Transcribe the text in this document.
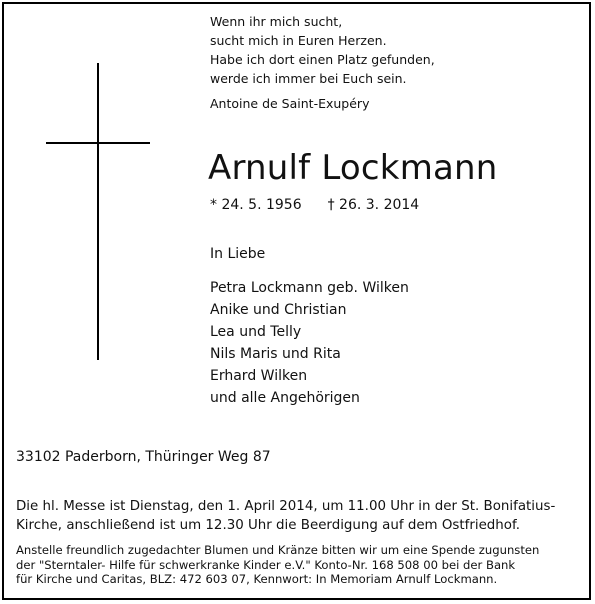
Wenn ihr mich sucht,
sucht mich in Euren Herzen.
Habe ich dort einen Platz gefunden,
werde ich immer bei Euch sein.
Antoine de Saint-Exupéry
Arnulf Lockmann
* 24. 5. 1956 † 26. 3. 2014
In Liebe
Petra Lockmann geb. Wilken
Anike und Christian
Lea und Telly
Nils Maris und Rita
Erhard Wilken
und alle Angehörigen
33102 Paderborn, Thüringer Weg 87
Die hl. Messe ist Dienstag, den 1. April 2014, um 11.00 Uhr in der St. Bonifatius-
Kirche, anschließend ist um 12.30 Uhr die Beerdigung auf dem Ostfriedhof.
Anstelle freundlich zugedachter Blumen und Kränze bitten wir um eine Spende zugunsten
der "Sterntaler- Hilfe für schwerkranke Kinder e.V." Konto-Nr. 168 508 00 bei der Bank
für Kirche und Caritas, BLZ: 472 603 07, Kennwort: In Memoriam Arnulf Lockmann.
